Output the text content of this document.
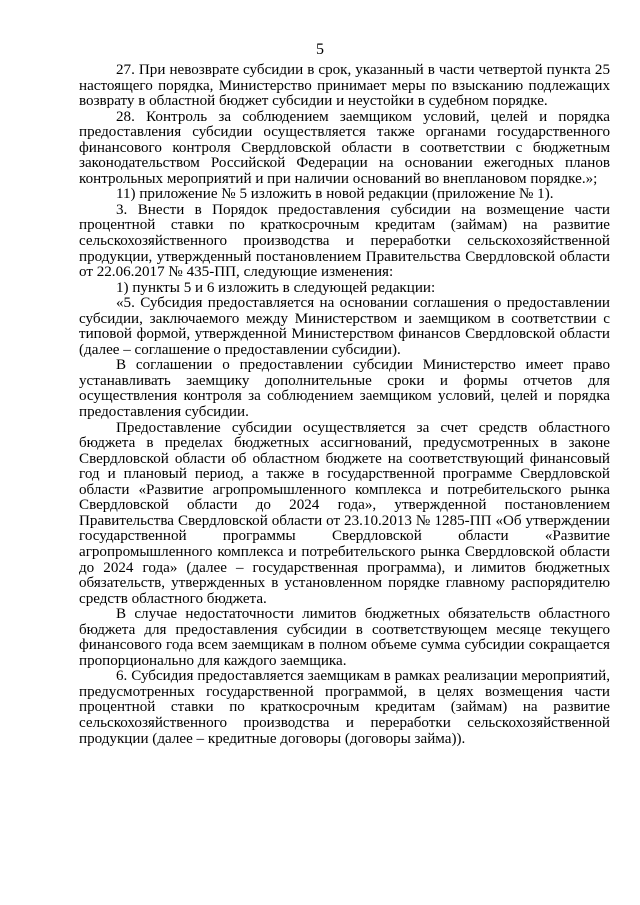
5

27. При невозврате субсидии в срок, указанный в части четвертой пункта 25 настоящего порядка, Министерство принимает меры по взысканию подлежащих возврату в областной бюджет субсидии и неустойки в судебном порядке.

28. Контроль за соблюдением заемщиком условий, целей и порядка предоставления субсидии осуществляется также органами государственного финансового контроля Свердловской области в соответствии с бюджетным законодательством Российской Федерации на основании ежегодных планов контрольных мероприятий и при наличии оснований во внеплановом порядке.»;

11) приложение № 5 изложить в новой редакции (приложение № 1).

3. Внести в Порядок предоставления субсидии на возмещение части процентной ставки по краткосрочным кредитам (займам) на развитие сельскохозяйственного производства и переработки сельскохозяйственной продукции, утвержденный постановлением Правительства Свердловской области от 22.06.2017 № 435-ПП, следующие изменения:

1) пункты 5 и 6 изложить в следующей редакции:

«5. Субсидия предоставляется на основании соглашения о предоставлении субсидии, заключаемого между Министерством и заемщиком в соответствии с типовой формой, утвержденной Министерством финансов Свердловской области (далее – соглашение о предоставлении субсидии).

В соглашении о предоставлении субсидии Министерство имеет право устанавливать заемщику дополнительные сроки и формы отчетов для осуществления контроля за соблюдением заемщиком условий, целей и порядка предоставления субсидии.

Предоставление субсидии осуществляется за счет средств областного бюджета в пределах бюджетных ассигнований, предусмотренных в законе Свердловской области об областном бюджете на соответствующий финансовый год и плановый период, а также в государственной программе Свердловской области «Развитие агропромышленного комплекса и потребительского рынка Свердловской области до 2024 года», утвержденной постановлением Правительства Свердловской области от 23.10.2013 № 1285-ПП «Об утверждении государственной программы Свердловской области «Развитие агропромышленного комплекса и потребительского рынка Свердловской области до 2024 года» (далее – государственная программа), и лимитов бюджетных обязательств, утвержденных в установленном порядке главному распорядителю средств областного бюджета.

В случае недостаточности лимитов бюджетных обязательств областного бюджета для предоставления субсидии в соответствующем месяце текущего финансового года всем заемщикам в полном объеме сумма субсидии сокращается пропорционально для каждого заемщика.

6. Субсидия предоставляется заемщикам в рамках реализации мероприятий, предусмотренных государственной программой, в целях возмещения части процентной ставки по краткосрочным кредитам (займам) на развитие сельскохозяйственного производства и переработки сельскохозяйственной продукции (далее – кредитные договоры (договоры займа)).
